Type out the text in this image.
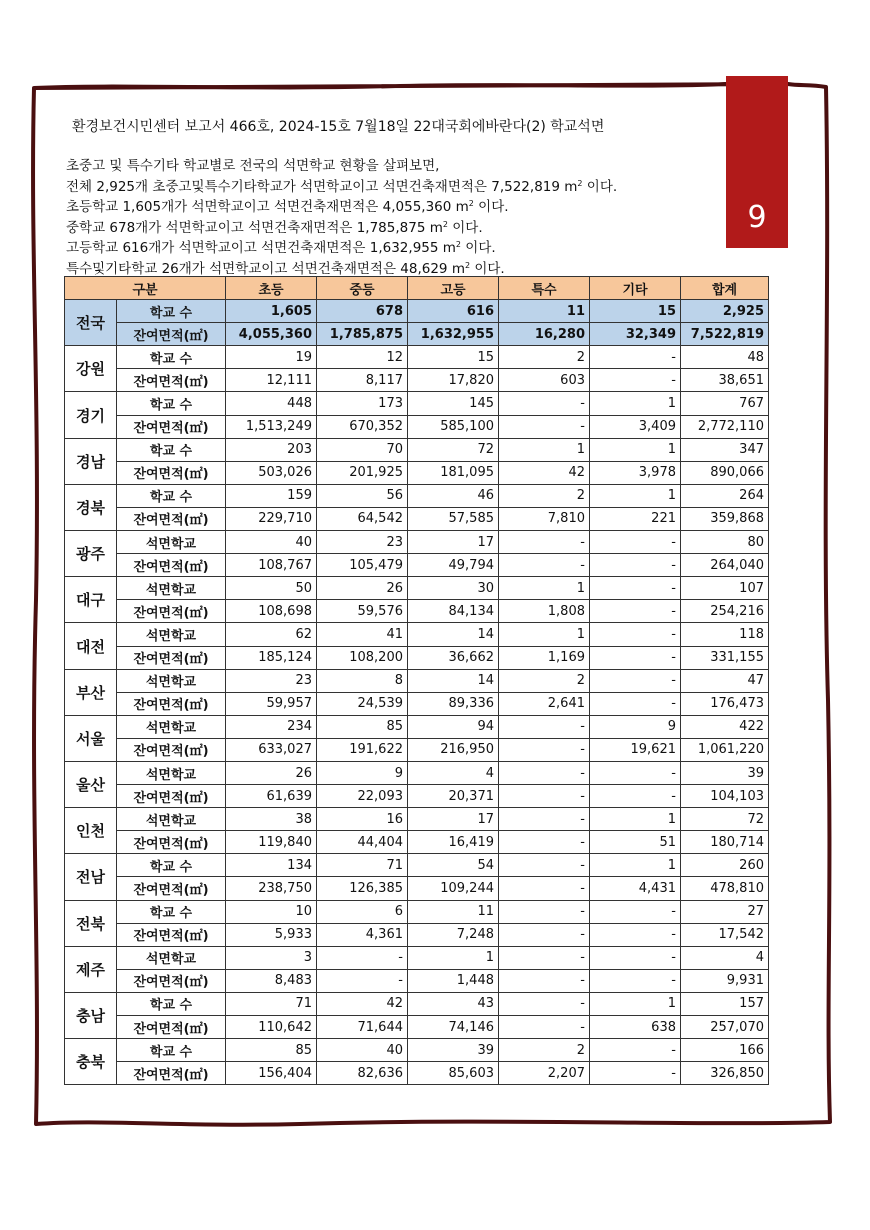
9
환경보건시민센터 보고서 466호, 2024-15호 7월18일 22대국회에바란다(2) 학교석면
초중고 및 특수기타 학교별로 전국의 석면학교 현황을 살펴보면,
전체 2,925개 초중고및특수기타학교가 석면학교이고 석면건축재면적은 7,522,819 $m^2$ 이다.
초등학교 1,605개가 석면학교이고 석면건축재면적은 4,055,360 $m^2$ 이다.
중학교 678개가 석면학교이고 석면건축재면적은 1,785,875 $m^2$ 이다.
고등학교 616개가 석면학교이고 석면건축재면적은 1,632,955 $m^2$ 이다.
특수및기타학교 26개가 석면학교이고 석면건축재면적은 48,629 $m^2$ 이다.
구분		초등	중등	고등	특수	기타	합계
전국	학교 수	1,605	678	616	11	15	2,925
	잔여면적(㎡)	4,055,360	1,785,875	1,632,955	16,280	32,349	7,522,819
강원	학교 수	19	12	15	2	-	48
	잔여면적(㎡)	12,111	8,117	17,820	603	-	38,651
경기	학교 수	448	173	145	-	1	767
	잔여면적(㎡)	1,513,249	670,352	585,100	-	3,409	2,772,110
경남	학교 수	203	70	72	1	1	347
	잔여면적(㎡)	503,026	201,925	181,095	42	3,978	890,066
경북	학교 수	159	56	46	2	1	264
	잔여면적(㎡)	229,710	64,542	57,585	7,810	221	359,868
광주	석면학교	40	23	17	-	-	80
	잔여면적(㎡)	108,767	105,479	49,794	-	-	264,040
대구	석면학교	50	26	30	1	-	107
	잔여면적(㎡)	108,698	59,576	84,134	1,808	-	254,216
대전	석면학교	62	41	14	1	-	118
	잔여면적(㎡)	185,124	108,200	36,662	1,169	-	331,155
부산	석면학교	23	8	14	2	-	47
	잔여면적(㎡)	59,957	24,539	89,336	2,641	-	176,473
서울	석면학교	234	85	94	-	9	422
	잔여면적(㎡)	633,027	191,622	216,950	-	19,621	1,061,220
울산	석면학교	26	9	4	-	-	39
	잔여면적(㎡)	61,639	22,093	20,371	-	-	104,103
인천	석면학교	38	16	17	-	1	72
	잔여면적(㎡)	119,840	44,404	16,419	-	51	180,714
전남	학교 수	134	71	54	-	1	260
	잔여면적(㎡)	238,750	126,385	109,244	-	4,431	478,810
전북	학교 수	10	6	11	-	-	27
	잔여면적(㎡)	5,933	4,361	7,248	-	-	17,542
제주	석면학교	3	-	1	-	-	4
	잔여면적(㎡)	8,483	-	1,448	-	-	9,931
충남	학교 수	71	42	43	-	1	157
	잔여면적(㎡)	110,642	71,644	74,146	-	638	257,070
충북	학교 수	85	40	39	2	-	166
	잔여면적(㎡)	156,404	82,636	85,603	2,207	-	326,850
